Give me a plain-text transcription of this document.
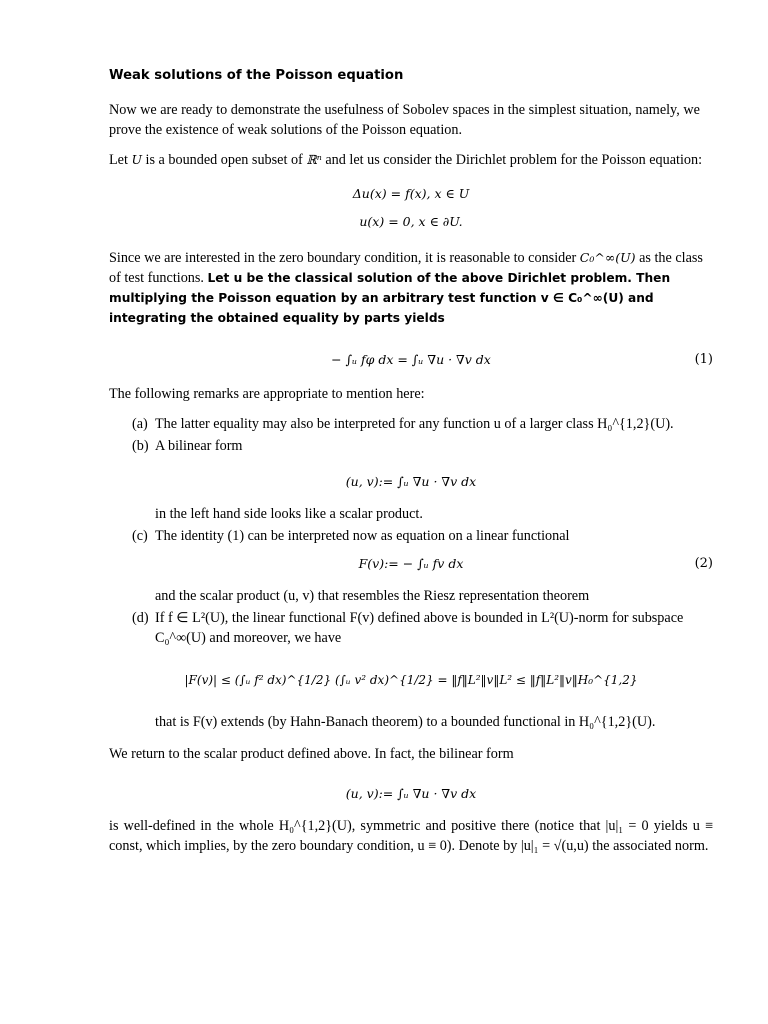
Weak solutions of the Poisson equation

Now we are ready to demonstrate the usefulness of Sobolev spaces in the simplest situation, namely, we prove the existence of weak solutions of the Poisson equation.

Let U is a bounded open subset of ℝⁿ and let us consider the Dirichlet problem for the Poisson equation:

Δu(x) = f(x), x ∈ U
u(x) = 0, x ∈ ∂U.

Since we are interested in the zero boundary condition, it is reasonable to consider C₀^∞(U) as the class of test functions. Let u be the classical solution of the above Dirichlet problem. Then multiplying the Poisson equation by an arbitrary test function v ∈ C₀^∞(U) and integrating the obtained equality by parts yields

− ∫ᵤ fφ dx = ∫ᵤ ∇u · ∇v dx	(1)

The following remarks are appropriate to mention here:

(a) The latter equality may also be interpreted for any function u of a larger class H₀^{1,2}(U).
(b) A bilinear form
(u, v):= ∫ᵤ ∇u · ∇v dx

in the left hand side looks like a scalar product.

(c) The identity (1) can be interpreted now as equation on a linear functional
F(v):= − ∫ᵤ fv dx	(2)

and the scalar product (u, v) that resembles the Riesz representation theorem

(d) If f ∈ L²(U), the linear functional F(v) defined above is bounded in L²(U)-norm for subspace C₀^∞(U) and moreover, we have
|F(v)| ≤ (∫ᵤ f² dx)^{1/2} (∫ᵤ v² dx)^{1/2} = ‖f‖L²‖v‖L² ≤ ‖f‖L²‖v‖H₀^{1,2}

that is F(v) extends (by Hahn-Banach theorem) to a bounded functional in H₀^{1,2}(U).

We return to the scalar product defined above. In fact, the bilinear form

(u, v):= ∫ᵤ ∇u · ∇v dx

is well-defined in the whole H₀^{1,2}(U), symmetric and positive there (notice that |u|₁ = 0 yields u ≡ const, which implies, by the zero boundary condition, u ≡ 0). Denote by |u|₁ = √(u,u) the associated norm.
